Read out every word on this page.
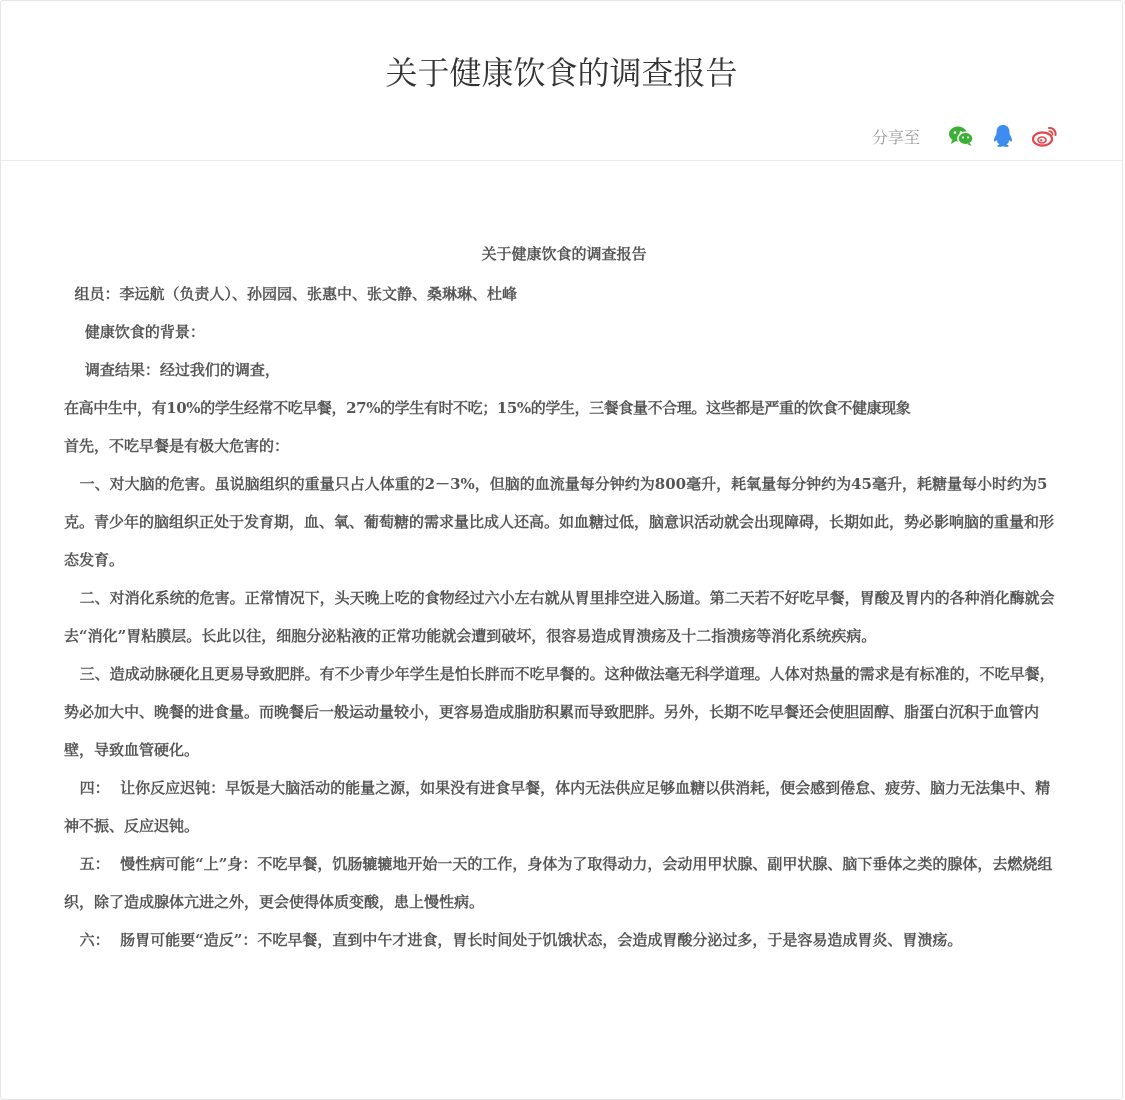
关于健康饮食的调查报告
分享至

关于健康饮食的调查报告

组员：李远航（负责人）、孙园园、张惠中、张文静、桑琳琳、杜峰

健康饮食的背景：

调查结果：经过我们的调查，

在高中生中，有10%的学生经常不吃早餐，27%的学生有时不吃；15%的学生，三餐食量不合理。这些都是严重的饮食不健康现象

首先，不吃早餐是有极大危害的：

一、对大脑的危害。虽说脑组织的重量只占人体重的2－3%，但脑的血流量每分钟约为800毫升，耗氧量每分钟约为45毫升，耗糖量每小时约为5克。青少年的脑组织正处于发育期，血、氧、葡萄糖的需求量比成人还高。如血糖过低，脑意识活动就会出现障碍，长期如此，势必影响脑的重量和形态发育。

二、对消化系统的危害。正常情况下，头天晚上吃的食物经过六小左右就从胃里排空进入肠道。第二天若不好吃早餐，胃酸及胃内的各种消化酶就会去“消化”胃粘膜层。长此以往，细胞分泌粘液的正常功能就会遭到破坏，很容易造成胃溃疡及十二指溃疡等消化系统疾病。

三、造成动脉硬化且更易导致肥胖。有不少青少年学生是怕长胖而不吃早餐的。这种做法毫无科学道理。人体对热量的需求是有标准的，不吃早餐，势必加大中、晚餐的进食量。而晚餐后一般运动量较小，更容易造成脂肪积累而导致肥胖。另外，长期不吃早餐还会使胆固醇、脂蛋白沉积于血管内壁，导致血管硬化。

四：  让你反应迟钝：早饭是大脑活动的能量之源，如果没有进食早餐，体内无法供应足够血糖以供消耗，便会感到倦怠、疲劳、脑力无法集中、精神不振、反应迟钝。

五：  慢性病可能“上”身：不吃早餐，饥肠辘辘地开始一天的工作，身体为了取得动力，会动用甲状腺、副甲状腺、脑下垂体之类的腺体，去燃烧组织，除了造成腺体亢进之外，更会使得体质变酸，患上慢性病。

六：  肠胃可能要“造反”：不吃早餐，直到中午才进食，胃长时间处于饥饿状态，会造成胃酸分泌过多，于是容易造成胃炎、胃溃疡。
